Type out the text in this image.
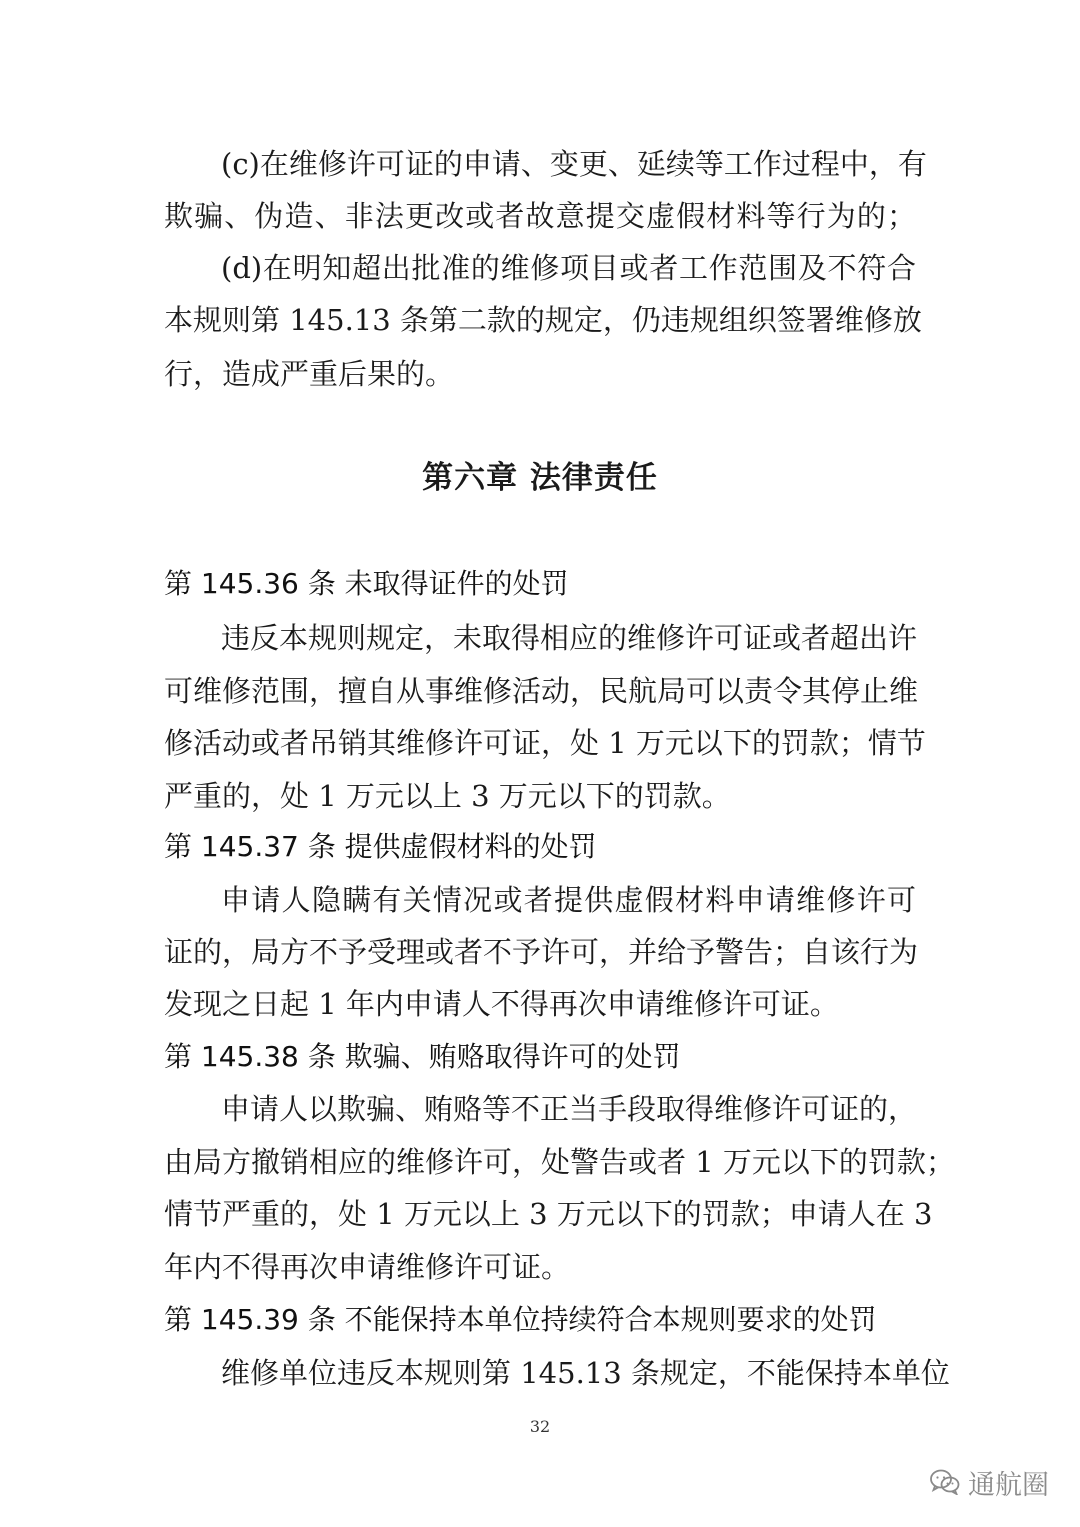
(c)在维修许可证的申请、变更、延续等工作过程中，有
欺骗、伪造、非法更改或者故意提交虚假材料等行为的；
(d)在明知超出批准的维修项目或者工作范围及不符合
本规则第 145.13 条第二款的规定，仍违规组织签署维修放
行，造成严重后果的。
第六章 法律责任
第 145.36 条 未取得证件的处罚
违反本规则规定，未取得相应的维修许可证或者超出许
可维修范围，擅自从事维修活动，民航局可以责令其停止维
修活动或者吊销其维修许可证，处 1 万元以下的罚款；情节
严重的，处 1 万元以上 3 万元以下的罚款。
第 145.37 条 提供虚假材料的处罚
申请人隐瞒有关情况或者提供虚假材料申请维修许可
证的，局方不予受理或者不予许可，并给予警告；自该行为
发现之日起 1 年内申请人不得再次申请维修许可证。
第 145.38 条 欺骗、贿赂取得许可的处罚
申请人以欺骗、贿赂等不正当手段取得维修许可证的，
由局方撤销相应的维修许可，处警告或者 1 万元以下的罚款；
情节严重的，处 1 万元以上 3 万元以下的罚款；申请人在 3
年内不得再次申请维修许可证。
第 145.39 条 不能保持本单位持续符合本规则要求的处罚
维修单位违反本规则第 145.13 条规定，不能保持本单位
32
通航圈
